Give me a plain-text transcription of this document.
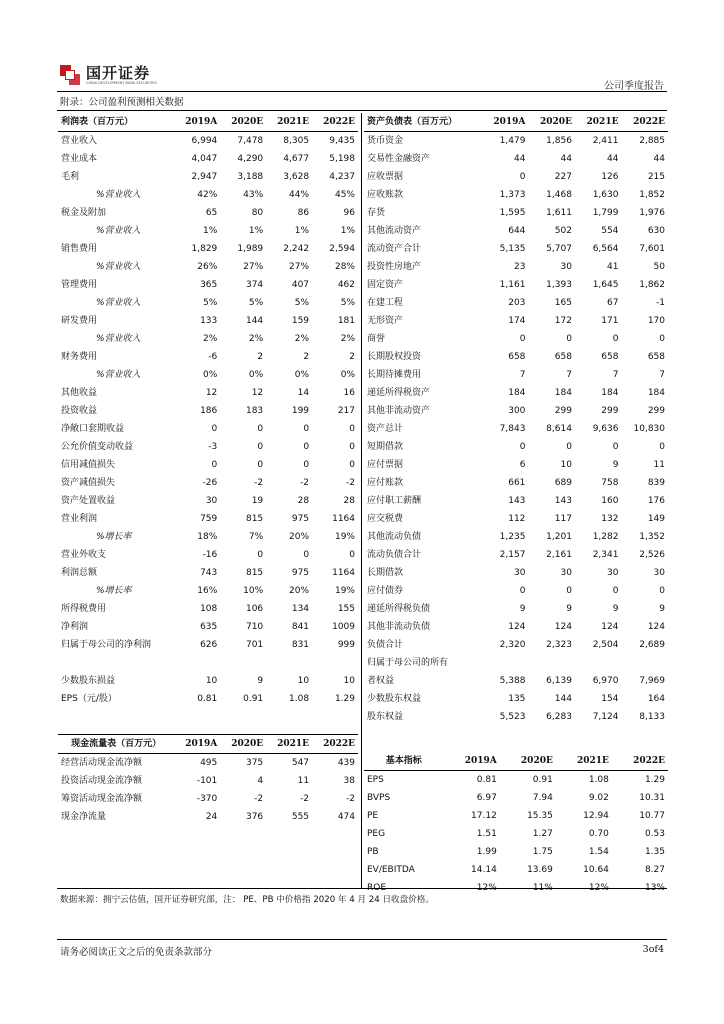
国开证券
CHINA DEVELOPMENT BANK SECURITIES	公司季度报告
附录：公司盈利预测相关数据
利润表（百万元）	2019A	2020E	2021E	2022E
营业收入	6,994	7,478	8,305	9,435
营业成本	4,047	4,290	4,677	5,198
毛利	2,947	3,188	3,628	4,237
%营业收入	42%	43%	44%	45%
税金及附加	65	80	86	96
%营业收入	1%	1%	1%	1%
销售费用	1,829	1,989	2,242	2,594
%营业收入	26%	27%	27%	28%
管理费用	365	374	407	462
%营业收入	5%	5%	5%	5%
研发费用	133	144	159	181
%营业收入	2%	2%	2%	2%
财务费用	-6	2	2	2
%营业收入	0%	0%	0%	0%
其他收益	12	12	14	16
投资收益	186	183	199	217
净敞口套期收益	0	0	0	0
公允价值变动收益	-3	0	0	0
信用减值损失	0	0	0	0
资产减值损失	-26	-2	-2	-2
资产处置收益	30	19	28	28
营业利润	759	815	975	1164
%增长率	18%	7%	20%	19%
营业外收支	-16	0	0	0
利润总额	743	815	975	1164
%增长率	16%	10%	20%	19%
所得税费用	108	106	134	155
净利润	635	710	841	1009
归属于母公司的净利润	626	701	831	999

少数股东损益	10	9	10	10
EPS（元/股）	0.81	0.91	1.08	1.29
资产负债表（百万元）	2019A	2020E	2021E	2022E
货币资金	1,479	1,856	2,411	2,885
交易性金融资产	44	44	44	44
应收票据	0	227	126	215
应收账款	1,373	1,468	1,630	1,852
存货	1,595	1,611	1,799	1,976
其他流动资产	644	502	554	630
流动资产合计	5,135	5,707	6,564	7,601
投资性房地产	23	30	41	50
固定资产	1,161	1,393	1,645	1,862
在建工程	203	165	67	-1
无形资产	174	172	171	170
商誉	0	0	0	0
长期股权投资	658	658	658	658
长期待摊费用	7	7	7	7
递延所得税资产	184	184	184	184
其他非流动资产	300	299	299	299
资产总计	7,843	8,614	9,636	10,830
短期借款	0	0	0	0
应付票据	6	10	9	11
应付账款	661	689	758	839
应付职工薪酬	143	143	160	176
应交税费	112	117	132	149
其他流动负债	1,235	1,201	1,282	1,352
流动负债合计	2,157	2,161	2,341	2,526
长期借款	30	30	30	30
应付债券	0	0	0	0
递延所得税负债	9	9	9	9
其他非流动负债	124	124	124	124
负债合计	2,320	2,323	2,504	2,689
归属于母公司的所有				
者权益	5,388	6,139	6,970	7,969
少数股东权益	135	144	154	164
股东权益	5,523	6,283	7,124	8,133
现金流量表（百万元）	2019A	2020E	2021E	2022E
经营活动现金流净额	495	375	547	439
投资活动现金流净额	-101	4	11	38
筹资活动现金流净额	-370	-2	-2	-2
现金净流量	24	376	555	474
基本指标	2019A	2020E	2021E	2022E
EPS	0.81	0.91	1.08	1.29
BVPS	6.97	7.94	9.02	10.31
PE	17.12	15.35	12.94	10.77
PEG	1.51	1.27	0.70	0.53
PB	1.99	1.75	1.54	1.35
EV/EBITDA	14.14	13.69	10.64	8.27
ROE	12%	11%	12%	13%
数据来源：拥宁云估值，国开证券研究部，注： PE、PB 中价格指 2020 年 4 月 24 日收盘价格。
请务必阅读正文之后的免责条款部分	3of4
